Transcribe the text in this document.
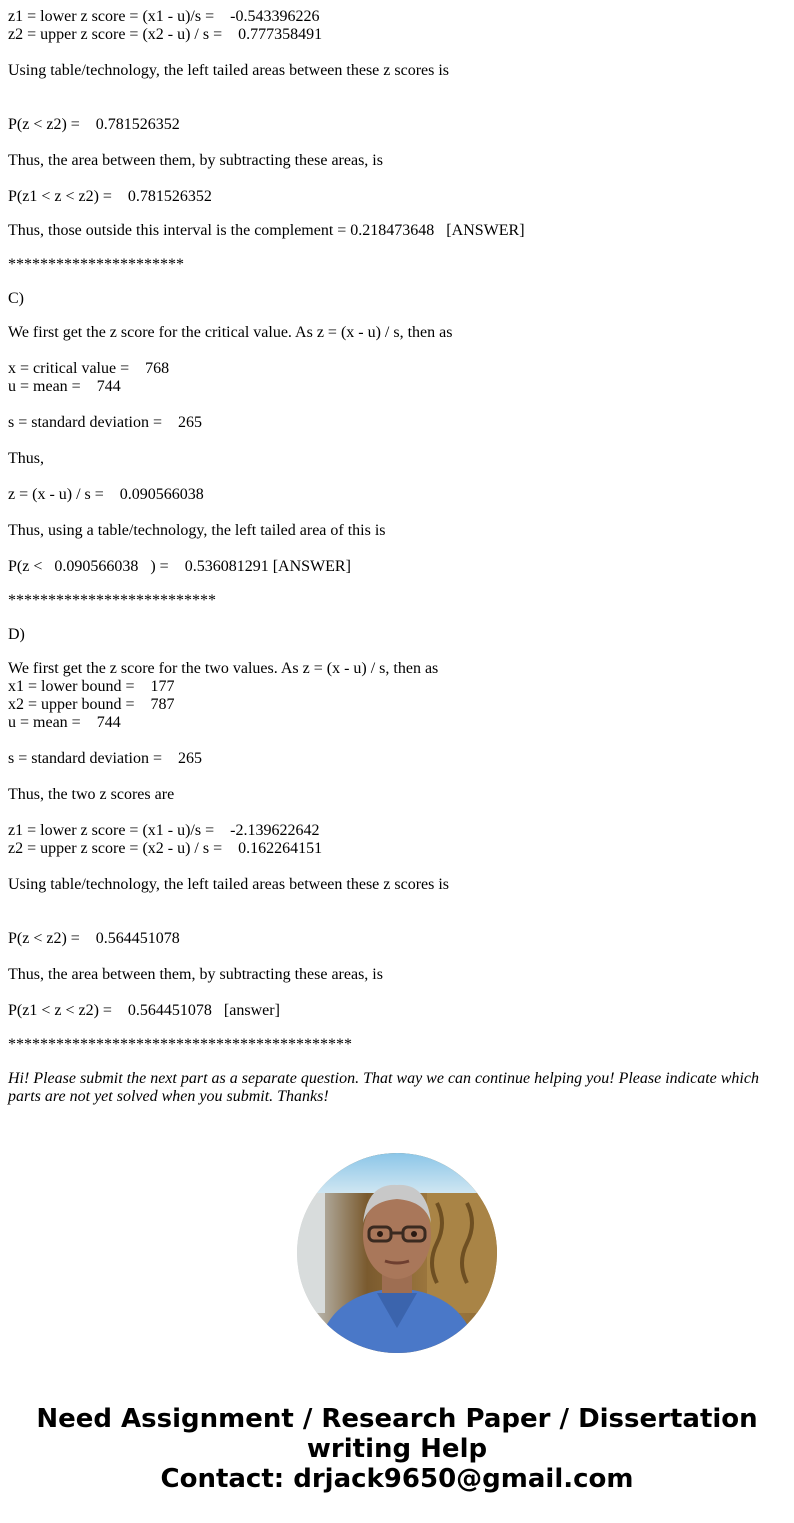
z1 = lower z score = (x1 - u)/s =    -0.543396226
z2 = upper z score = (x2 - u) / s =    0.777358491
Using table/technology, the left tailed areas between these z scores is
P(z < z2) =    0.781526352
Thus, the area between them, by subtracting these areas, is
P(z1 < z < z2) =    0.781526352
Thus, those outside this interval is the complement = 0.218473648   [ANSWER]
**********************
C)
We first get the z score for the critical value. As z = (x - u) / s, then as
x = critical value =    768
u = mean =    744
s = standard deviation =    265
Thus,
z = (x - u) / s =    0.090566038
Thus, using a table/technology, the left tailed area of this is
P(z <   0.090566038   ) =    0.536081291 [ANSWER]
**************************
D)
We first get the z score for the two values. As z = (x - u) / s, then as
x1 = lower bound =    177
x2 = upper bound =    787
u = mean =    744
s = standard deviation =    265
Thus, the two z scores are
z1 = lower z score = (x1 - u)/s =    -2.139622642
z2 = upper z score = (x2 - u) / s =    0.162264151
Using table/technology, the left tailed areas between these z scores is
P(z < z2) =    0.564451078
Thus, the area between them, by subtracting these areas, is
P(z1 < z < z2) =    0.564451078   [answer]
*******************************************
Hi! Please submit the next part as a separate question. That way we can continue helping you! Please indicate which parts are not yet solved when you submit. Thanks!
Need Assignment / Research Paper / Dissertation
writing Help
Contact: drjack9650@gmail.com
